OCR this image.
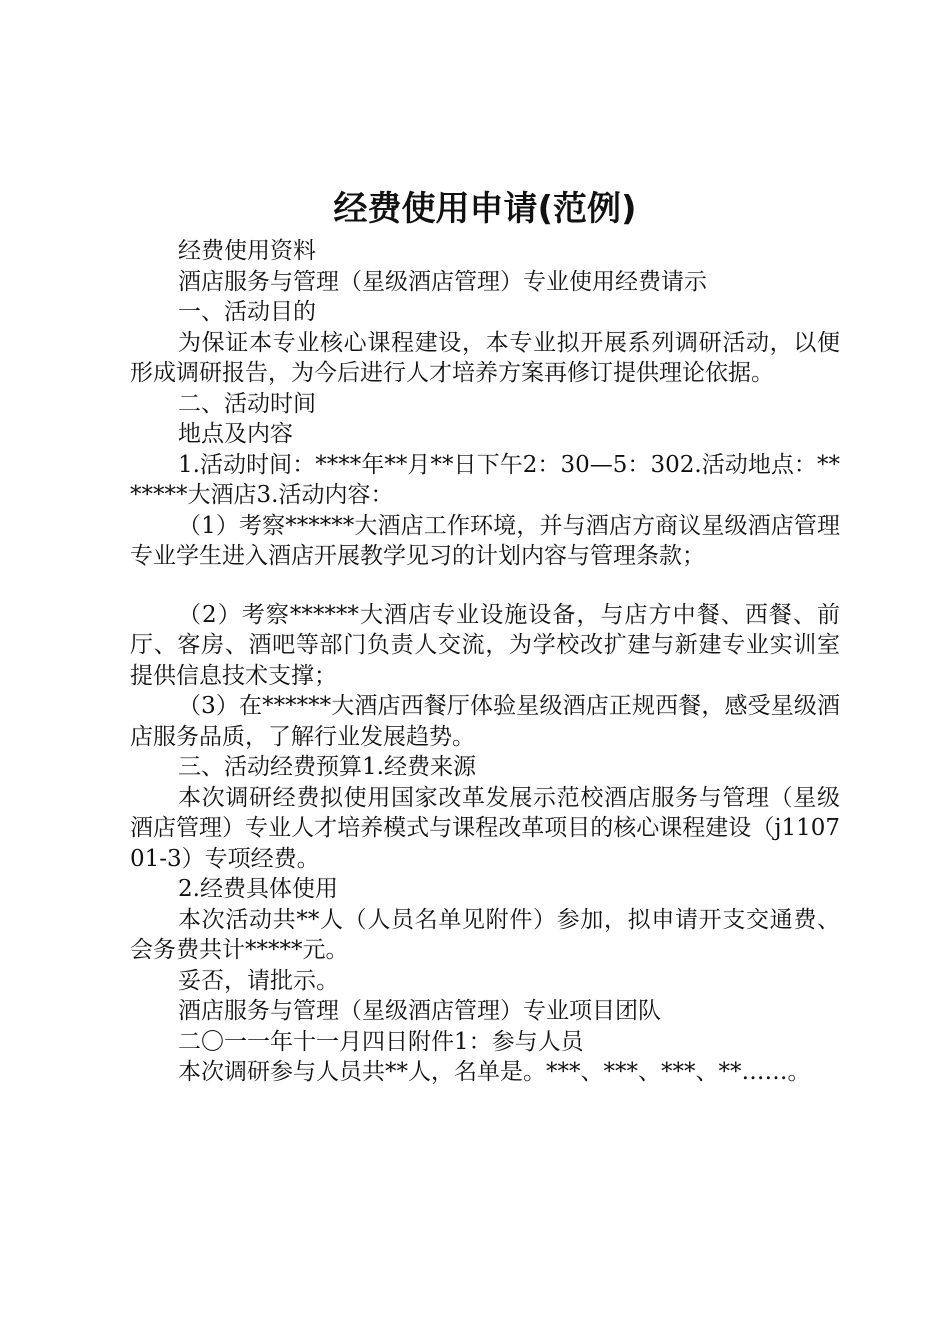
经费使用申请(范例)

经费使用资料

酒店服务与管理（星级酒店管理）专业使用经费请示

一、活动目的

为保证本专业核心课程建设，本专业拟开展系列调研活动，以便形成调研报告，为今后进行人才培养方案再修订提供理论依据。

二、活动时间

地点及内容

1.活动时间：****年**月**日下午2：30—5：302.活动地点：*******大酒店3.活动内容：

（1）考察******大酒店工作环境，并与酒店方商议星级酒店管理专业学生进入酒店开展教学见习的计划内容与管理条款；

（2）考察******大酒店专业设施设备，与店方中餐、西餐、前厅、客房、酒吧等部门负责人交流，为学校改扩建与新建专业实训室提供信息技术支撑；

（3）在******大酒店西餐厅体验星级酒店正规西餐，感受星级酒店服务品质，了解行业发展趋势。

三、活动经费预算1.经费来源

本次调研经费拟使用国家改革发展示范校酒店服务与管理（星级酒店管理）专业人才培养模式与课程改革项目的核心课程建设（j110701-3）专项经费。

2.经费具体使用

本次活动共**人（人员名单见附件）参加，拟申请开支交通费、会务费共计*****元。

妥否，请批示。

酒店服务与管理（星级酒店管理）专业项目团队

二〇一一年十一月四日附件1：参与人员

本次调研参与人员共**人，名单是。***、***、***、**……。
